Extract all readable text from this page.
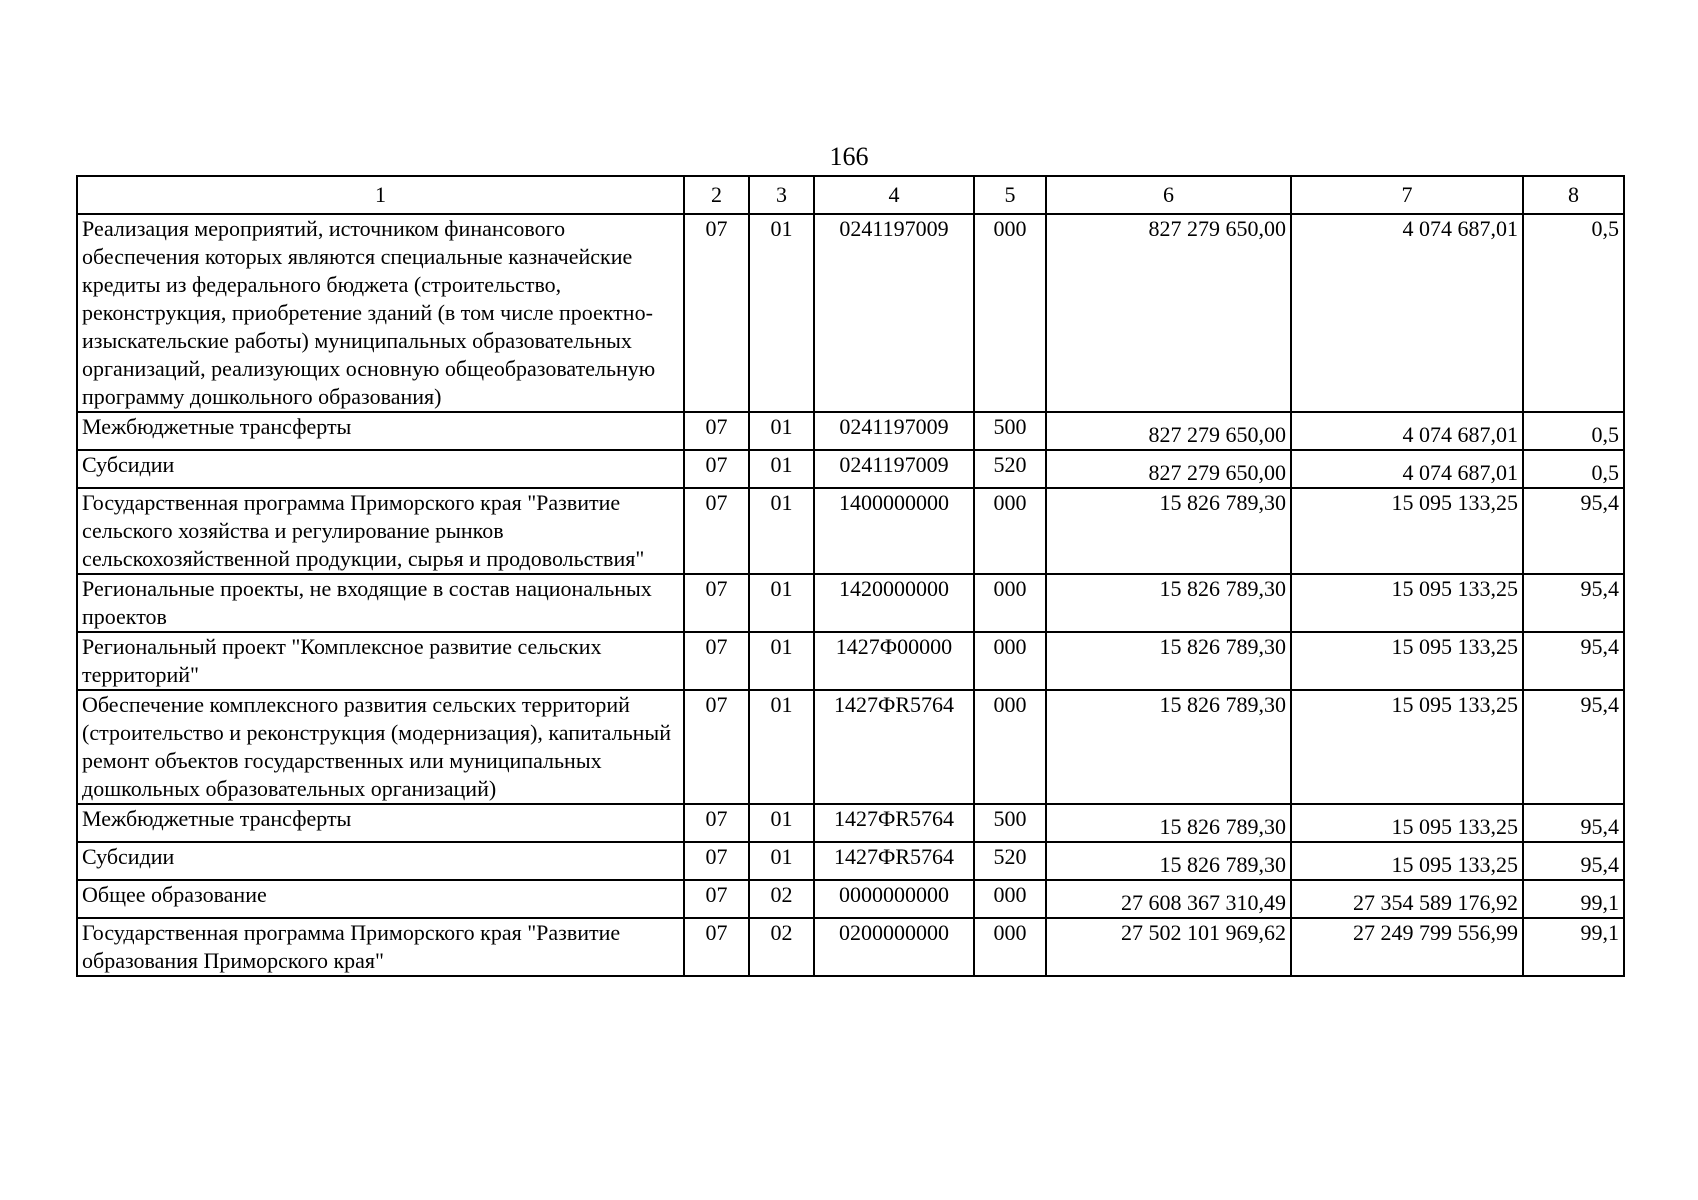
166
1	2	3	4	5	6	7	8
Реализация мероприятий, источником финансового обеспечения которых являются специальные казначейские кредиты из федерального бюджета (строительство, реконструкция, приобретение зданий (в том числе проектно-изыскательские работы) муниципальных образовательных организаций, реализующих основную общеобразовательную программу дошкольного образования)	07	01	0241197009	000	827 279 650,00	4 074 687,01	0,5
Межбюджетные трансферты	07	01	0241197009	500	827 279 650,00	4 074 687,01	0,5
Субсидии	07	01	0241197009	520	827 279 650,00	4 074 687,01	0,5
Государственная программа Приморского края "Развитие сельского хозяйства и регулирование рынков сельскохозяйственной продукции, сырья и продовольствия"	07	01	1400000000	000	15 826 789,30	15 095 133,25	95,4
Региональные проекты, не входящие в состав национальных проектов	07	01	1420000000	000	15 826 789,30	15 095 133,25	95,4
Региональный проект "Комплексное развитие сельских территорий"	07	01	1427Ф00000	000	15 826 789,30	15 095 133,25	95,4
Обеспечение комплексного развития сельских территорий (строительство и реконструкция (модернизация), капитальный ремонт объектов государственных или муниципальных дошкольных образовательных организаций)	07	01	1427ФR5764	000	15 826 789,30	15 095 133,25	95,4
Межбюджетные трансферты	07	01	1427ФR5764	500	15 826 789,30	15 095 133,25	95,4
Субсидии	07	01	1427ФR5764	520	15 826 789,30	15 095 133,25	95,4
Общее образование	07	02	0000000000	000	27 608 367 310,49	27 354 589 176,92	99,1
Государственная программа Приморского края "Развитие образования Приморского края"	07	02	0200000000	000	27 502 101 969,62	27 249 799 556,99	99,1
